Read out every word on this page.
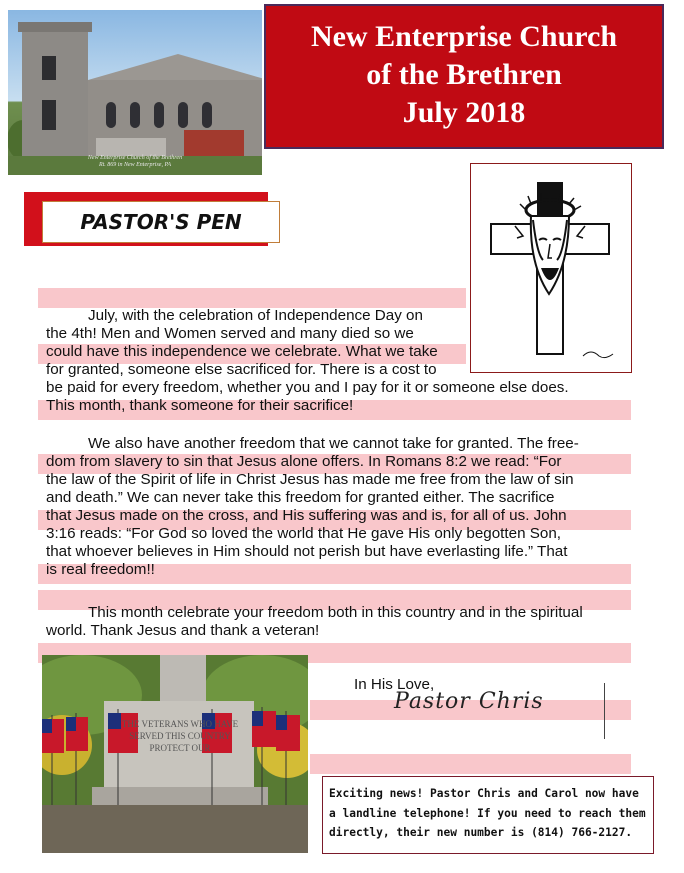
New Enterprise Church of the Brethren
Rt. 869 in New Enterprise, PA
New Enterprise Church
of the Brethren
July 2018
PASTOR'S PEN
July, with the celebration of Independence Day on
the 4th! Men and Women served and many died so we
could have this independence we celebrate. What we take
for granted, someone else sacrificed for. There is a cost to
be paid for every freedom, whether you and I pay for it or someone else does.
This month, thank someone for their sacrifice!
We also have another freedom that we cannot take for granted. The free-
dom from slavery to sin that Jesus alone offers. In Romans 8:2 we read: “For
the law of the Spirit of life in Christ Jesus has made me free from the law of sin
and death.” We can never take this freedom for granted either. The sacrifice
that Jesus made on the cross, and His suffering was and is, for all of us. John
3:16 reads: “For God so loved the world that He gave His only begotten Son,
that whoever believes in Him should not perish but have everlasting life.” That
is real freedom!!
This month celebrate your freedom both in this country and in the spiritual
world. Thank Jesus and thank a veteran!
THE VETERANS WHO HAVE
SERVED THIS COUNTRY
PROTECT OUR
In His Love,
Pastor Chris
Exciting news! Pastor Chris and Carol now have
a landline telephone! If you need to reach them
directly, their new number is (814) 766-2127.
